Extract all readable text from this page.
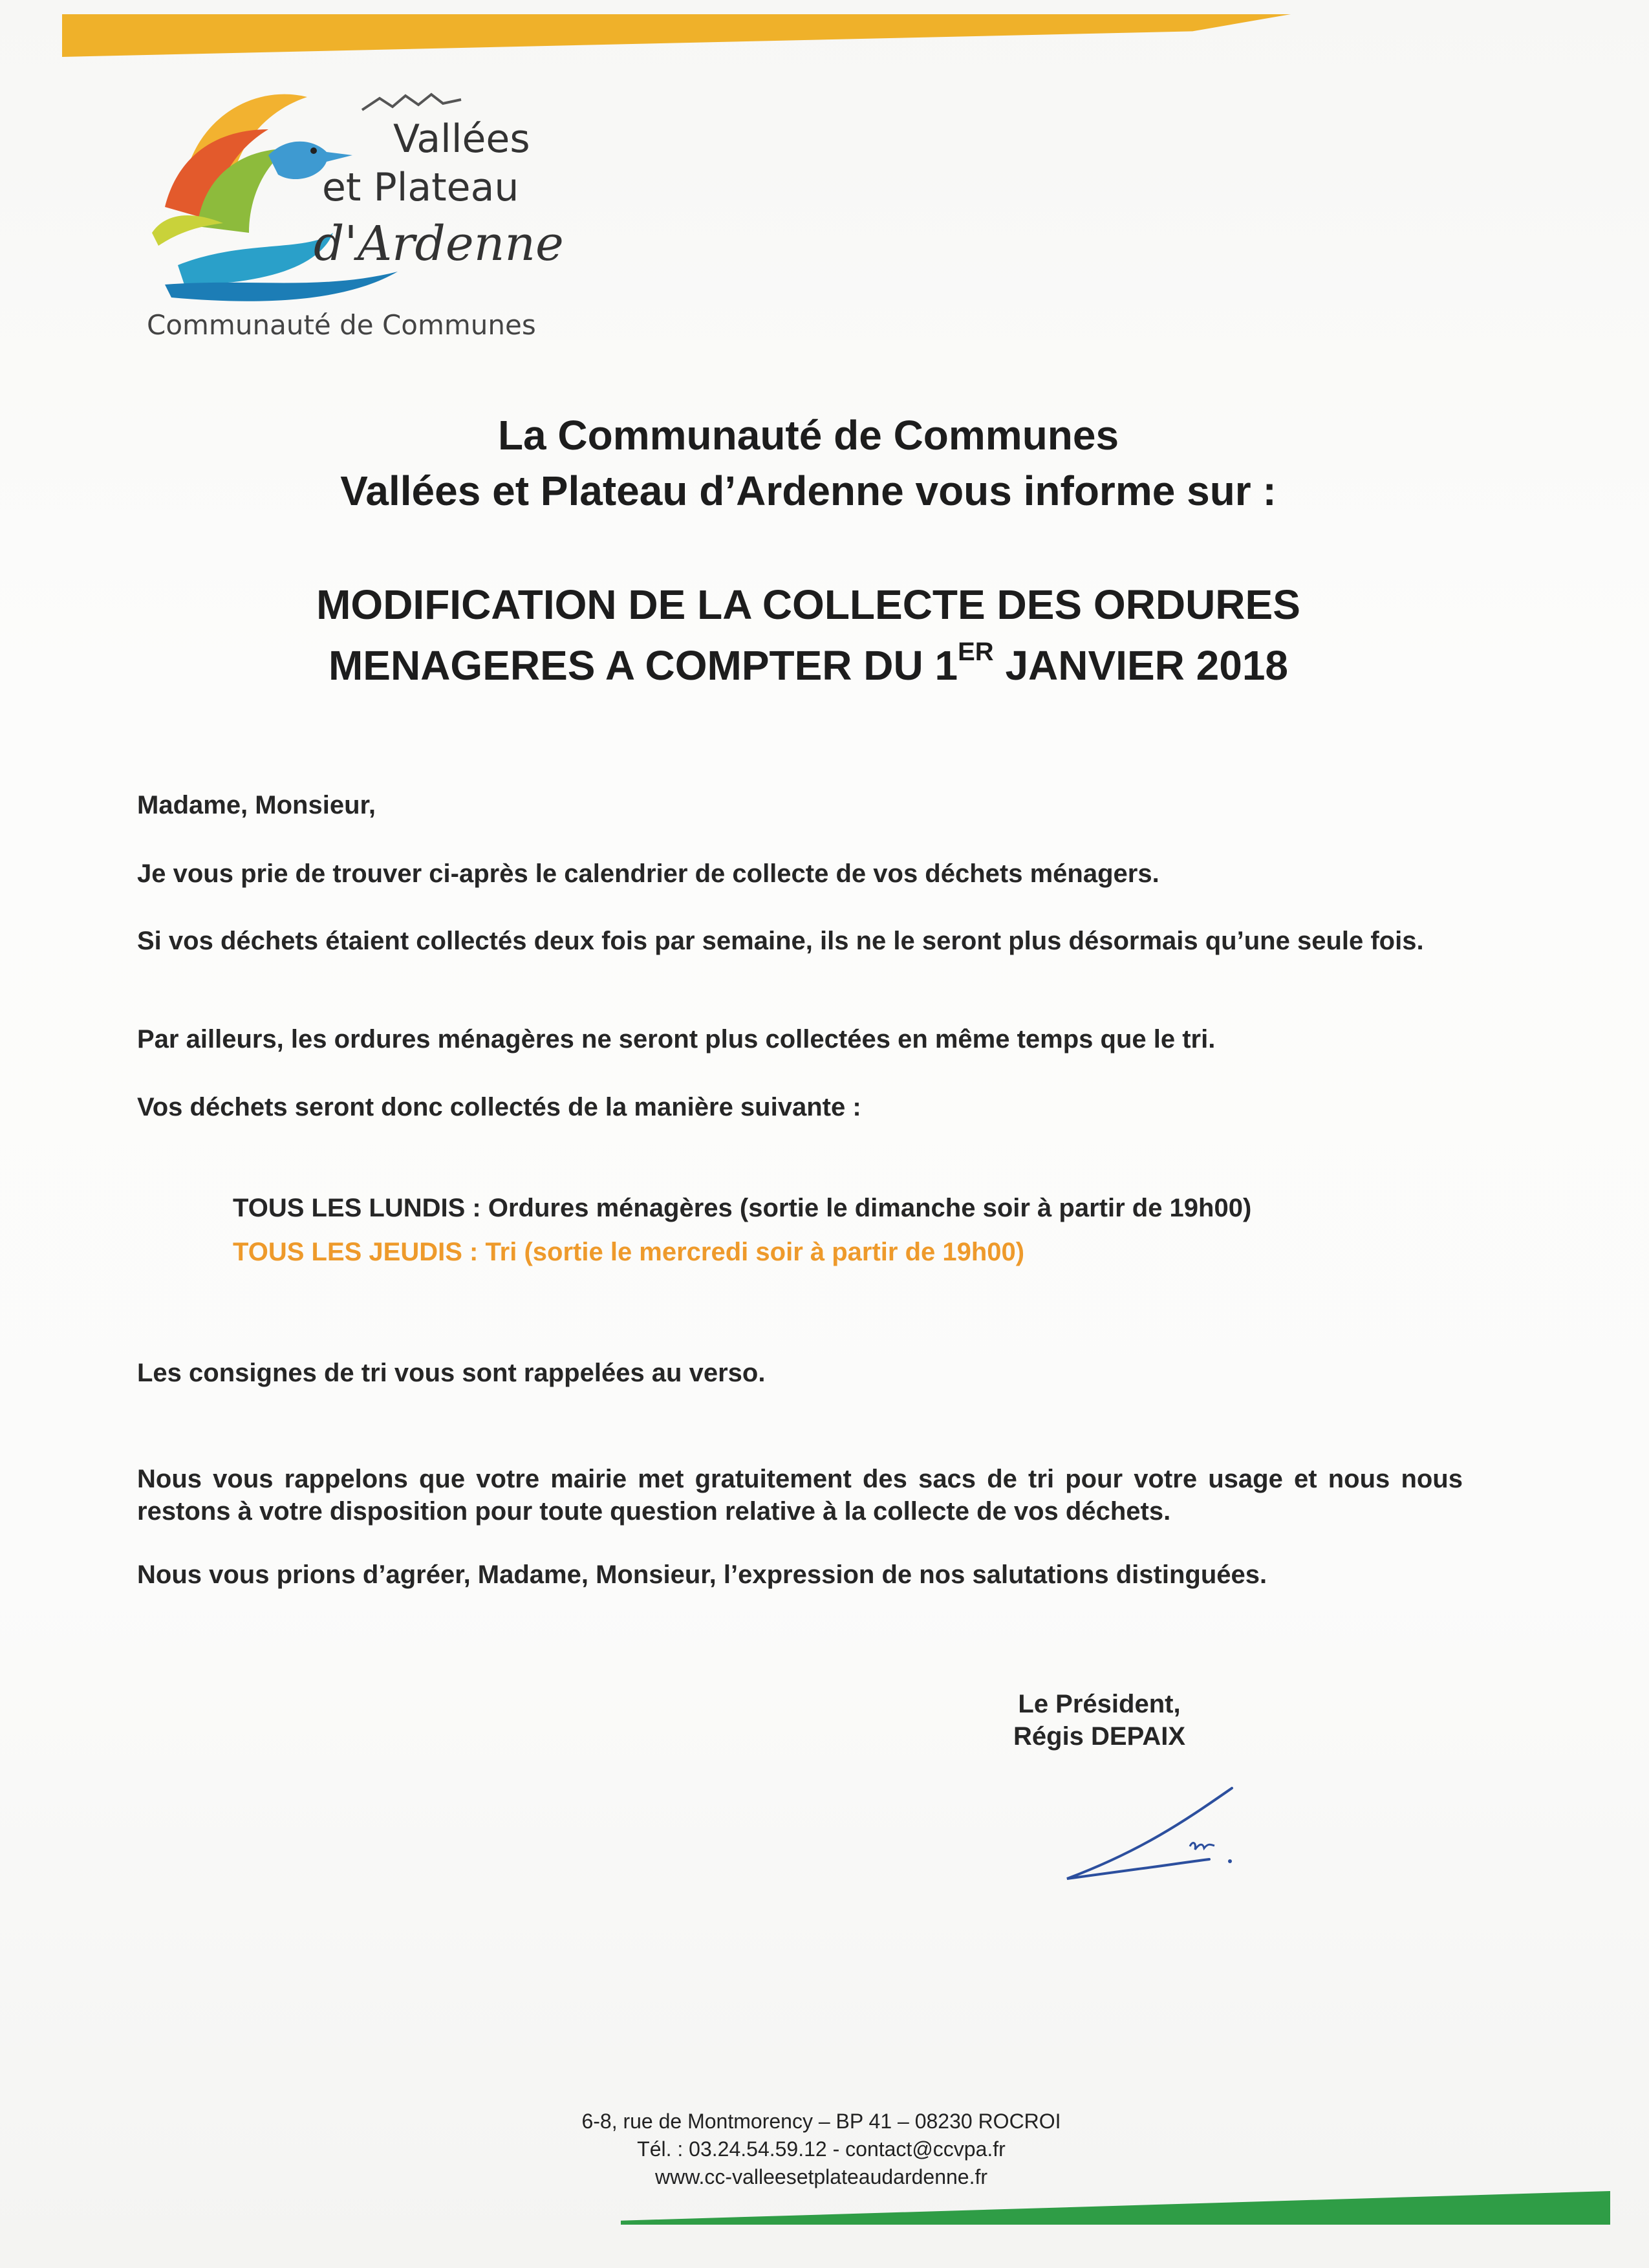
Vallées
et Plateau
d'Ardenne
Communauté de Communes
La Communauté de Communes
Vallées et Plateau d’Ardenne vous informe sur :
MODIFICATION DE LA COLLECTE DES ORDURES
MENAGERES A COMPTER DU 1ER JANVIER 2018
Madame, Monsieur,
Je vous prie de trouver ci-après le calendrier de collecte de vos déchets ménagers.
Si vos déchets étaient collectés deux fois par semaine, ils ne le seront plus désormais qu’une seule fois.
Par ailleurs, les ordures ménagères ne seront plus collectées en même temps que le tri.
Vos déchets seront donc collectés de la manière suivante :
TOUS LES LUNDIS : Ordures ménagères (sortie le dimanche soir à partir de 19h00)
TOUS LES JEUDIS : Tri (sortie le mercredi soir à partir de 19h00)
Les consignes de tri vous sont rappelées au verso.
Nous vous rappelons que votre mairie met gratuitement des sacs de tri pour votre usage et nous nous restons à votre disposition pour toute question relative à la collecte de vos déchets.
Nous vous prions d’agréer, Madame, Monsieur, l’expression de nos salutations distinguées.
Le Président,
Régis DEPAIX
6-8, rue de Montmorency – BP 41 – 08230 ROCROI
Tél. : 03.24.54.59.12 - contact@ccvpa.fr
www.cc-valleesetplateaudardenne.fr
